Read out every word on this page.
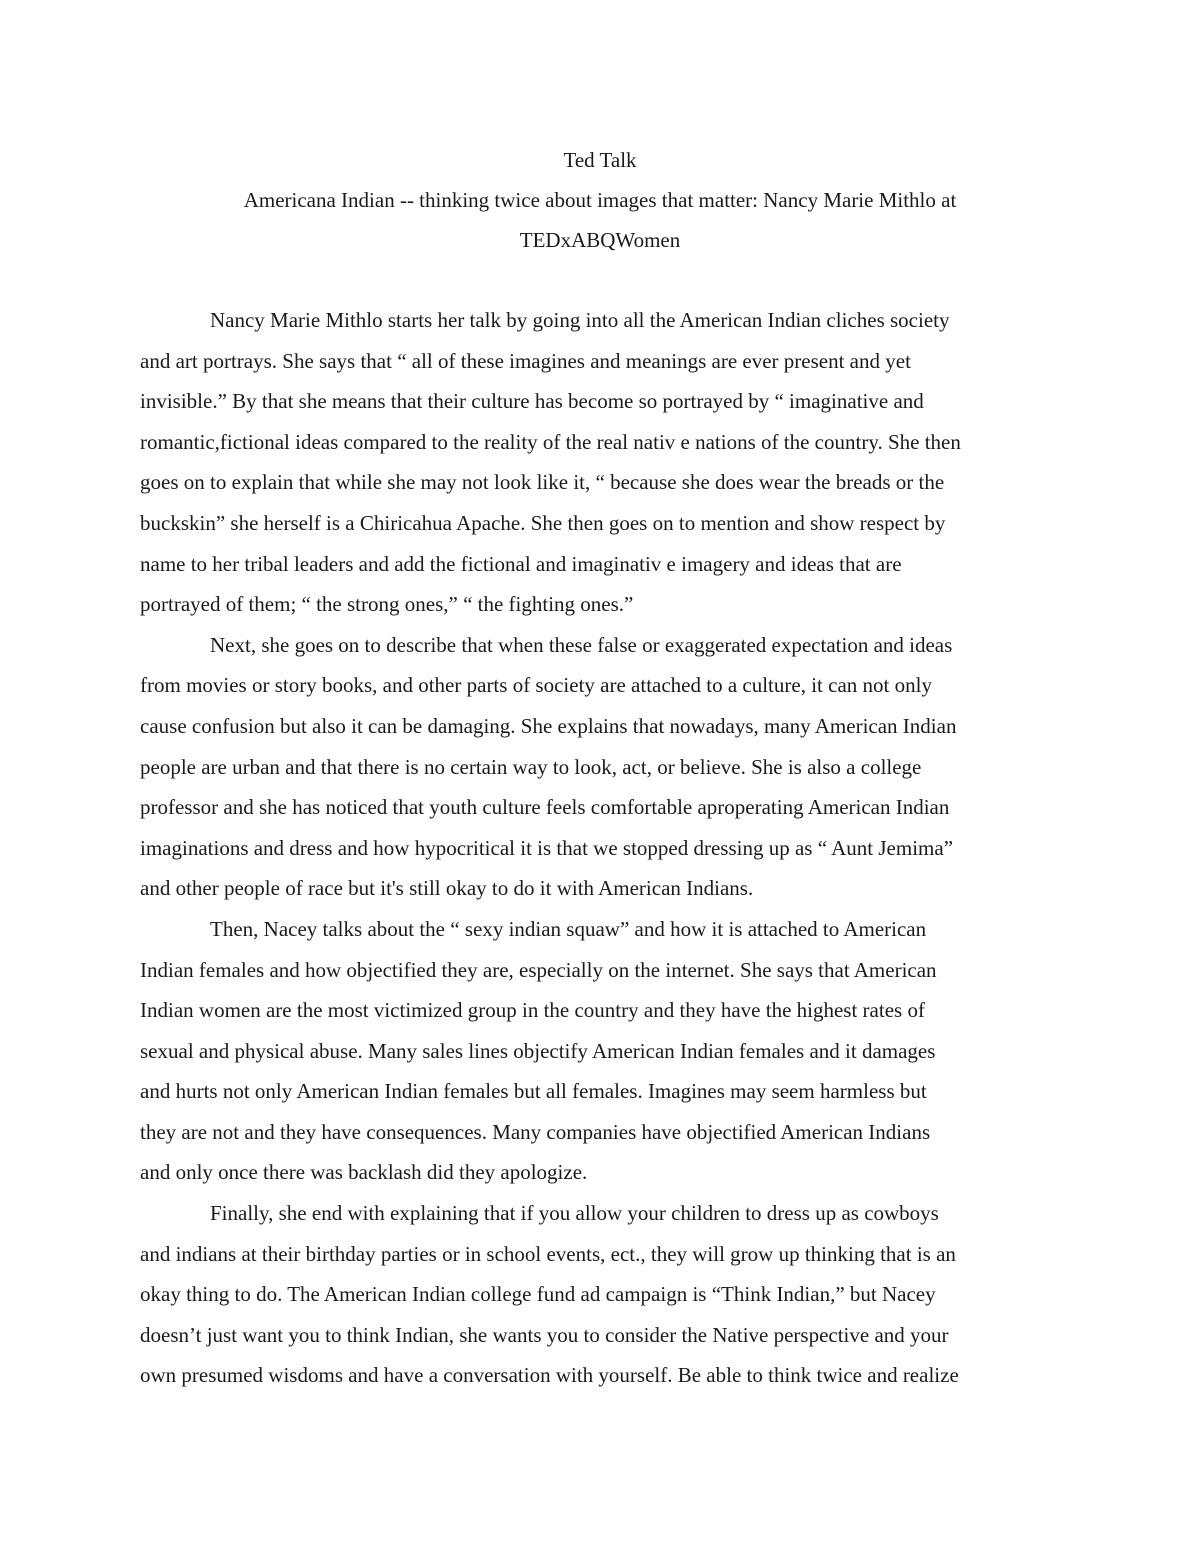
Ted Talk
Americana Indian -- thinking twice about images that matter: Nancy Marie Mithlo at
TEDxABQWomen
Nancy Marie Mithlo starts her talk by going into all the American Indian cliches society
and art portrays. She says that “ all of these imagines and meanings are ever present and yet
invisible.” By that she means that their culture has become so portrayed by “ imaginative and
romantic,fictional ideas compared to the reality of the real nativ e nations of the country. She then
goes on to explain that while she may not look like it, “ because she does wear the breads or the
buckskin” she herself is a Chiricahua Apache. She then goes on to mention and show respect by
name to her tribal leaders and add the fictional and imaginativ e imagery and ideas that are
portrayed of them; “ the strong ones,” “ the fighting ones.”
Next, she goes on to describe that when these false or exaggerated expectation and ideas
from movies or story books, and other parts of society are attached to a culture, it can not only
cause confusion but also it can be damaging. She explains that nowadays, many American Indian
people are urban and that there is no certain way to look, act, or believe. She is also a college
professor and she has noticed that youth culture feels comfortable aproperating American Indian
imaginations and dress and how hypocritical it is that we stopped dressing up as “ Aunt Jemima”
and other people of race but it's still okay to do it with American Indians.
Then, Nacey talks about the “ sexy indian squaw” and how it is attached to American
Indian females and how objectified they are, especially on the internet. She says that American
Indian women are the most victimized group in the country and they have the highest rates of
sexual and physical abuse. Many sales lines objectify American Indian females and it damages
and hurts not only American Indian females but all females. Imagines may seem harmless but
they are not and they have consequences. Many companies have objectified American Indians
and only once there was backlash did they apologize.
Finally, she end with explaining that if you allow your children to dress up as cowboys
and indians at their birthday parties or in school events, ect., they will grow up thinking that is an
okay thing to do. The American Indian college fund ad campaign is “Think Indian,” but Nacey
doesn’t just want you to think Indian, she wants you to consider the Native perspective and your
own presumed wisdoms and have a conversation with yourself. Be able to think twice and realize
